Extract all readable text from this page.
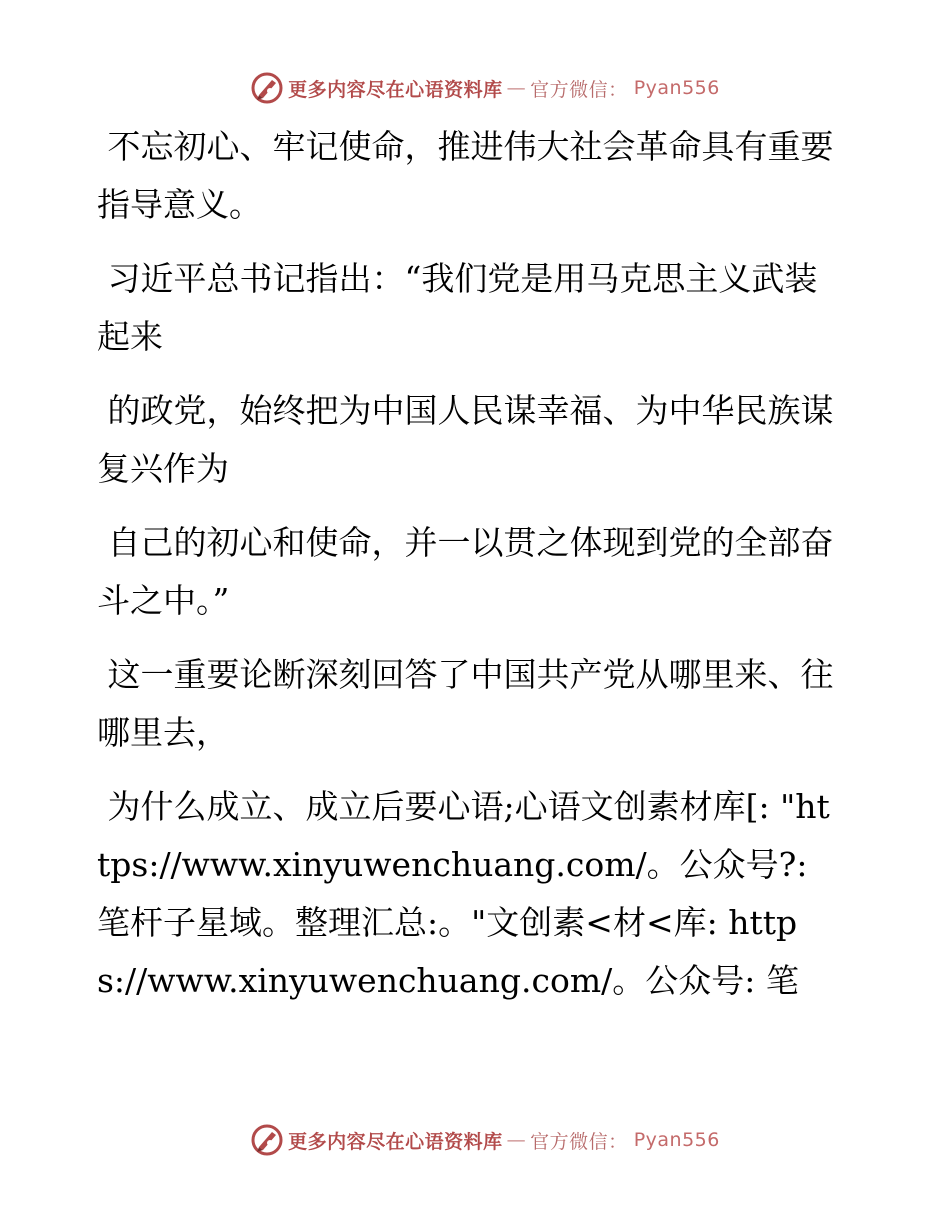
更多内容尽在心语资料库 — 官方微信： Pyan556

不忘初心、牢记使命，推进伟大社会革命具有重要指导意义。

习近平总书记指出：“我们党是用马克思主义武装起来

的政党，始终把为中国人民谋幸福、为中华民族谋复兴作为

自己的初心和使命，并一以贯之体现到党的全部奋斗之中。”

这一重要论断深刻回答了中国共产党从哪里来、往哪里去，

为什么成立、成立后要心语;心语文创素材库[: "https://www.xinyuwenchuang.com/。公众号?: 笔杆子星域。整理汇总:。"文创素<材<库: https://www.xinyuwenchuang.com/。公众号: 笔

更多内容尽在心语资料库 — 官方微信： Pyan556
